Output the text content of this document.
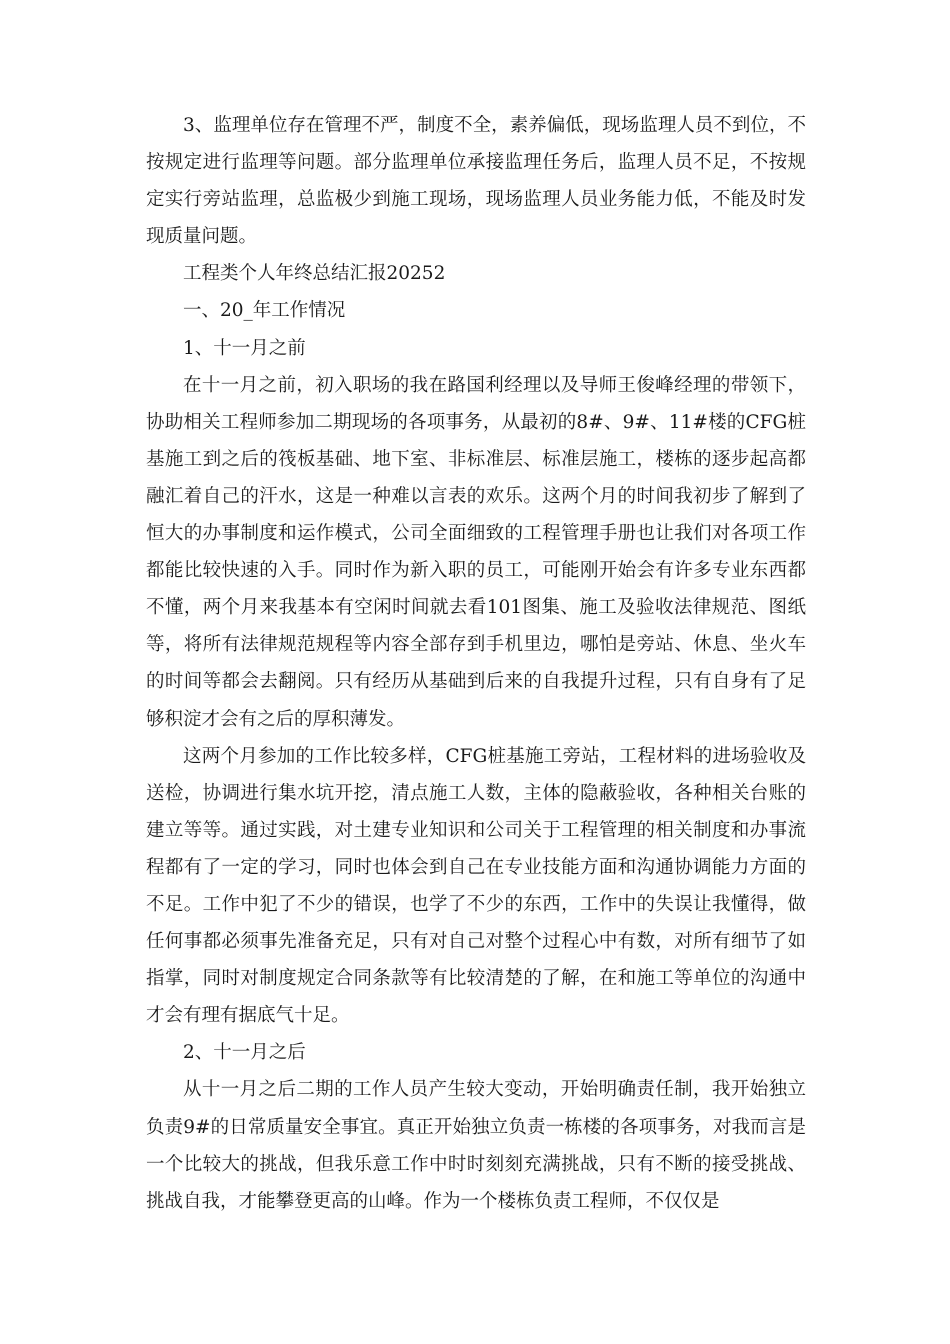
3、监理单位存在管理不严，制度不全，素养偏低，现场监理人员不到位，不按规定进行监理等问题。部分监理单位承接监理任务后，监理人员不足，不按规定实行旁站监理，总监极少到施工现场，现场监理人员业务能力低，不能及时发现质量问题。

工程类个人年终总结汇报20252

一、20_年工作情况

1、十一月之前

在十一月之前，初入职场的我在路国利经理以及导师王俊峰经理的带领下，协助相关工程师参加二期现场的各项事务，从最初的8#、9#、11#楼的CFG桩基施工到之后的筏板基础、地下室、非标准层、标准层施工，楼栋的逐步起高都融汇着自己的汗水，这是一种难以言表的欢乐。这两个月的时间我初步了解到了恒大的办事制度和运作模式，公司全面细致的工程管理手册也让我们对各项工作都能比较快速的入手。同时作为新入职的员工，可能刚开始会有许多专业东西都不懂，两个月来我基本有空闲时间就去看101图集、施工及验收法律规范、图纸等，将所有法律规范规程等内容全部存到手机里边，哪怕是旁站、休息、坐火车的时间等都会去翻阅。只有经历从基础到后来的自我提升过程，只有自身有了足够积淀才会有之后的厚积薄发。

这两个月参加的工作比较多样，CFG桩基施工旁站，工程材料的进场验收及送检，协调进行集水坑开挖，清点施工人数，主体的隐蔽验收，各种相关台账的建立等等。通过实践，对土建专业知识和公司关于工程管理的相关制度和办事流程都有了一定的学习，同时也体会到自己在专业技能方面和沟通协调能力方面的不足。工作中犯了不少的错误，也学了不少的东西，工作中的失误让我懂得，做任何事都必须事先准备充足，只有对自己对整个过程心中有数，对所有细节了如指掌，同时对制度规定合同条款等有比较清楚的了解，在和施工等单位的沟通中才会有理有据底气十足。

2、十一月之后

从十一月之后二期的工作人员产生较大变动，开始明确责任制，我开始独立负责9#的日常质量安全事宜。真正开始独立负责一栋楼的各项事务，对我而言是一个比较大的挑战，但我乐意工作中时时刻刻充满挑战，只有不断的接受挑战、挑战自我，才能攀登更高的山峰。作为一个楼栋负责工程师，不仅仅是
